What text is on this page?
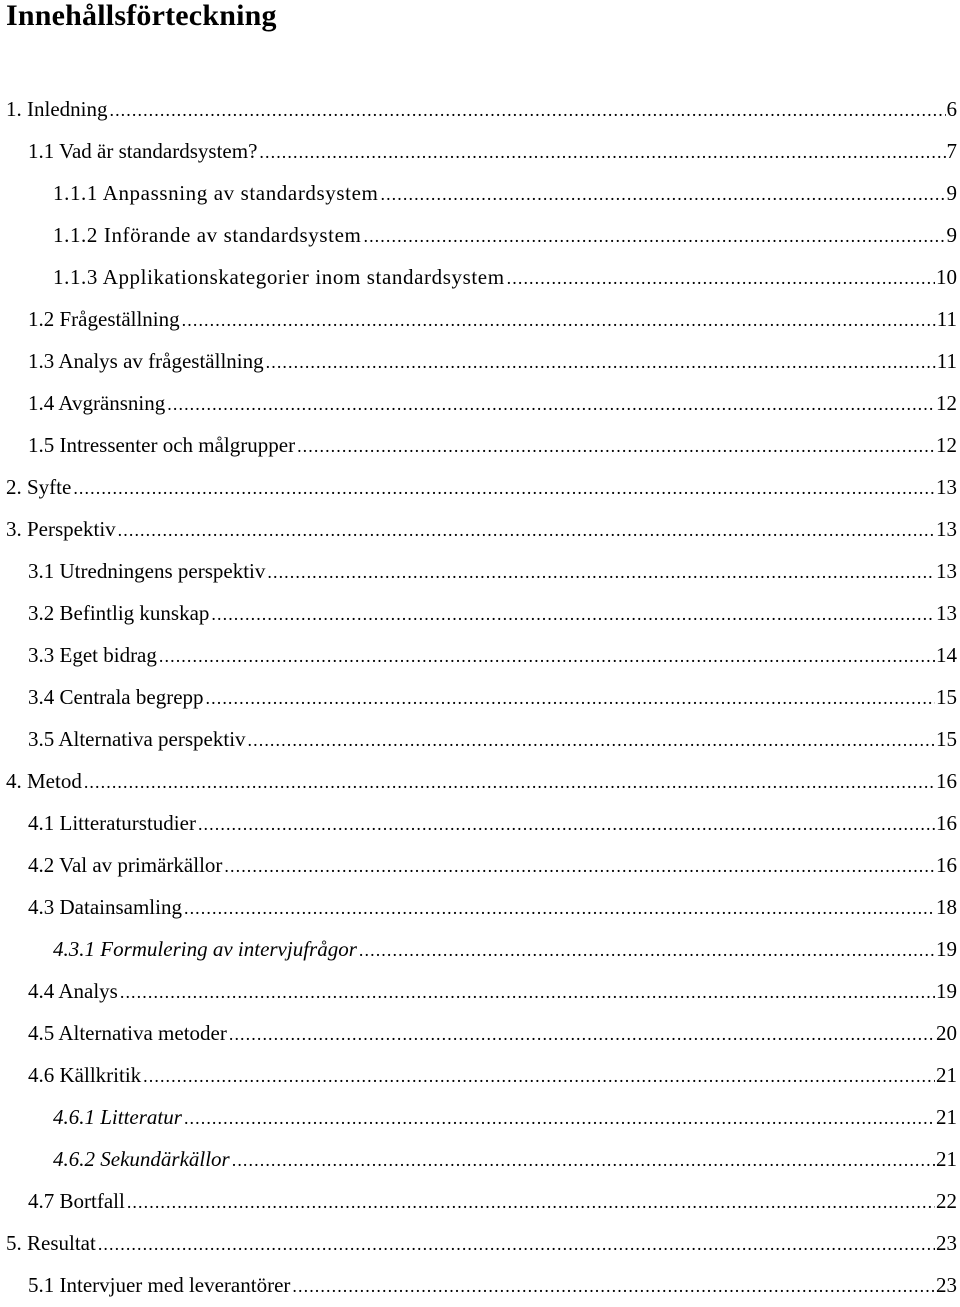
Innehållsförteckning
1. Inledning .....	6
1.1 Vad är standardsystem? .....	7
1.1.1 Anpassning av standardsystem .....	9
1.1.2 Införande av standardsystem .....	9
1.1.3 Applikationskategorier inom standardsystem .....	10
1.2 Frågeställning .....	11
1.3 Analys av frågeställning .....	11
1.4 Avgränsning .....	12
1.5 Intressenter och målgrupper .....	12
2. Syfte .....	13
3. Perspektiv .....	13
3.1 Utredningens perspektiv .....	13
3.2 Befintlig kunskap .....	13
3.3 Eget bidrag .....	14
3.4 Centrala begrepp .....	15
3.5 Alternativa perspektiv .....	15
4. Metod .....	16
4.1 Litteraturstudier .....	16
4.2 Val av primärkällor .....	16
4.3 Datainsamling .....	18
4.3.1 Formulering av intervjufrågor .....	19
4.4 Analys .....	19
4.5 Alternativa metoder .....	20
4.6 Källkritik .....	21
4.6.1 Litteratur .....	21
4.6.2 Sekundärkällor .....	21
4.7 Bortfall .....	22
5. Resultat .....	23
5.1 Intervjuer med leverantörer .....	23
